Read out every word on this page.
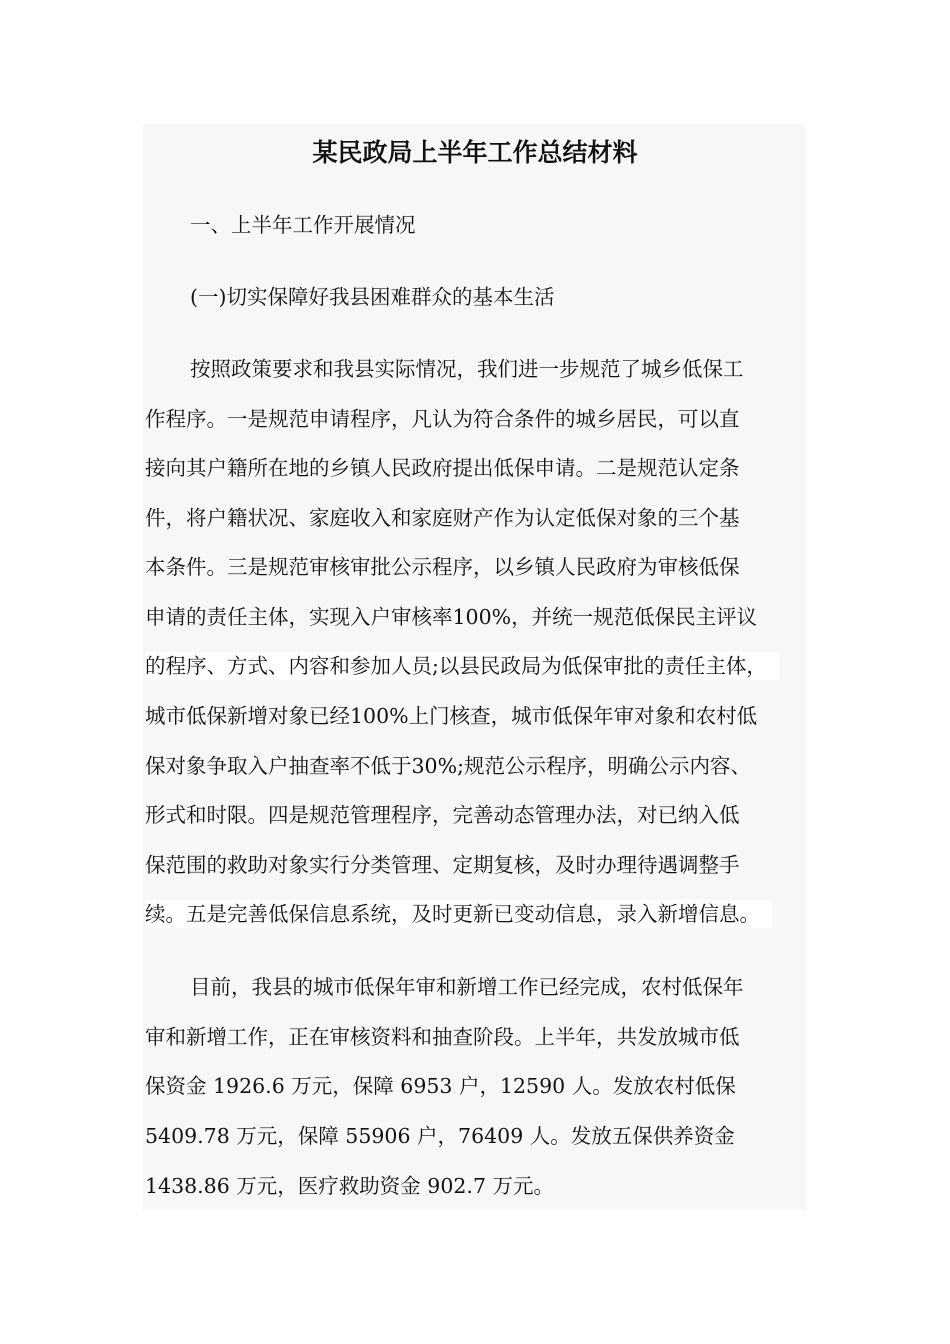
某民政局上半年工作总结材料
一、上半年工作开展情况
(一)切实保障好我县困难群众的基本生活
按照政策要求和我县实际情况，我们进一步规范了城乡低保工
作程序。一是规范申请程序，凡认为符合条件的城乡居民，可以直
接向其户籍所在地的乡镇人民政府提出低保申请。二是规范认定条
件，将户籍状况、家庭收入和家庭财产作为认定低保对象的三个基
本条件。三是规范审核审批公示程序，以乡镇人民政府为审核低保
申请的责任主体，实现入户审核率100%，并统一规范低保民主评议
的程序、方式、内容和参加人员;以县民政局为低保审批的责任主体，
城市低保新增对象已经100%上门核查，城市低保年审对象和农村低
保对象争取入户抽查率不低于30%;规范公示程序，明确公示内容、
形式和时限。四是规范管理程序，完善动态管理办法，对已纳入低
保范围的救助对象实行分类管理、定期复核，及时办理待遇调整手
续。五是完善低保信息系统，及时更新已变动信息，录入新增信息。
目前，我县的城市低保年审和新增工作已经完成，农村低保年
审和新增工作，正在审核资料和抽查阶段。上半年，共发放城市低
保资金 1926.6 万元，保障 6953 户，12590 人。发放农村低保
5409.78 万元，保障 55906 户，76409 人。发放五保供养资金
1438.86 万元，医疗救助资金 902.7 万元。
